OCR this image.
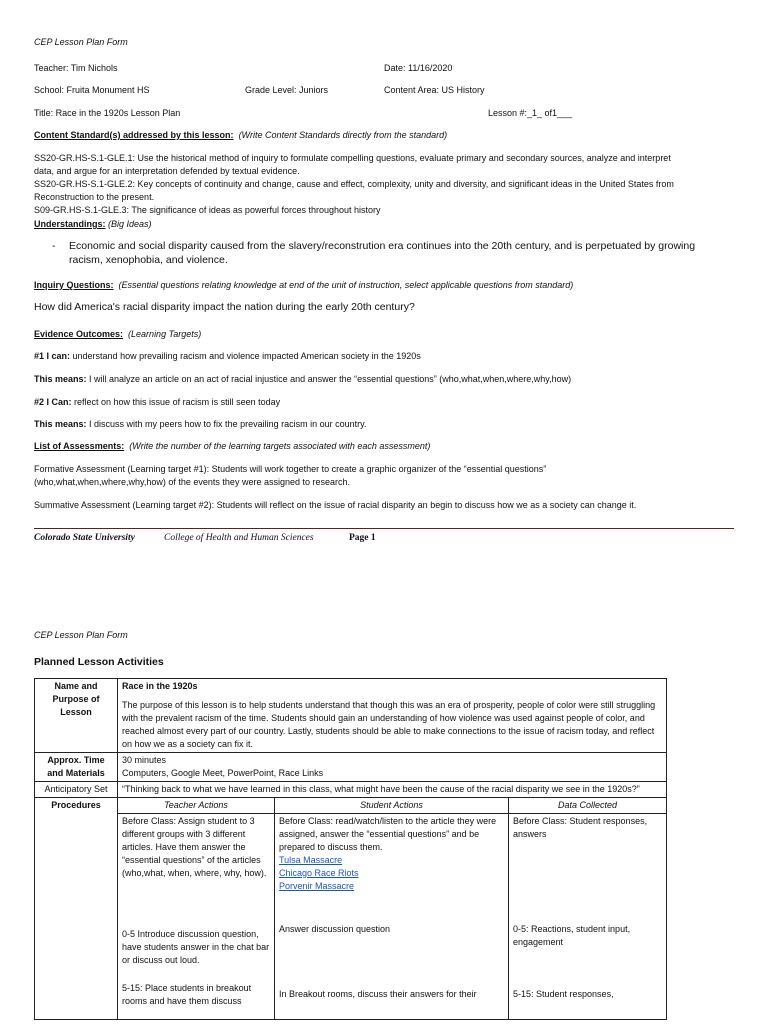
CEP Lesson Plan Form
Teacher: Tim Nichols	Date: 11/16/2020
School: Fruita Monument HS	Grade Level: Juniors	Content Area: US History
Title: Race in the 1920s Lesson Plan	Lesson #:_1_ of1___
Content Standard(s) addressed by this lesson: (Write Content Standards directly from the standard)
SS20-GR.HS-S.1-GLE.1: Use the historical method of inquiry to formulate compelling questions, evaluate primary and secondary sources, analyze and interpret
data, and argue for an interpretation defended by textual evidence.
SS20-GR.HS-S.1-GLE.2: Key concepts of continuity and change, cause and effect, complexity, unity and diversity, and significant ideas in the United States from
Reconstruction to the present.
S09-GR.HS-S.1-GLE.3: The significance of ideas as powerful forces throughout history
Understandings: (Big Ideas)
- Economic and social disparity caused from the slavery/reconstrution era continues into the 20th century, and is perpetuated by growing
racism, xenophobia, and violence.
Inquiry Questions: (Essential questions relating knowledge at end of the unit of instruction, select applicable questions from standard)
How did America's racial disparity impact the nation during the early 20th century?
Evidence Outcomes: (Learning Targets)
#1 I can: understand how prevailing racism and violence impacted American society in the 1920s
This means: I will analyze an article on an act of racial injustice and answer the “essential questions” (who,what,when,where,why,how)
#2 I Can: reflect on how this issue of racism is still seen today
This means: I discuss with my peers how to fix the prevailing racism in our country.
List of Assessments: (Write the number of the learning targets associated with each assessment)
Formative Assessment (Learning target #1): Students will work together to create a graphic organizer of the “essential questions”
(who,what,when,where,why,how) of the events they were assigned to research.
Summative Assessment (Learning target #2): Students will reflect on the issue of racial disparity an begin to discuss how we as a society can change it.
Colorado State University	College of Health and Human Sciences	Page 1
CEP Lesson Plan Form
Planned Lesson Activities
Name and Purpose of Lesson	Race in the 1920s
The purpose of this lesson is to help students understand that though this was an era of prosperity, people of color were still struggling with the prevalent racism of the time. Students should gain an understanding of how violence was used against people of color, and reached almost every part of our country. Lastly, students should be able to make connections to the issue of racism today, and reflect on how we as a society can fix it.		

Approx. Time and Materials	30 minutes
Computers, Google Meet, PowerPoint, Race Links		

Anticipatory Set	“Thinking back to what we have learned in this class, what might have been the cause of the racial disparity we see in the 1920s?”		
Procedures	Teacher Actions	Student Actions	Data Collected
	Before Class: Assign student to 3 different groups with 3 different articles. Have them answer the “essential questions” of the articles (who,what, when, where, why, how).	Before Class: read/watch/listen to the article they were assigned, answer the “essential questions” and be prepared to discuss them.
Tulsa Massacre
Chicago Race Riots
Porvenir Massacre	Before Class: Student responses, answers
	0-5 Introduce discussion question, have students answer in the chat bar or discuss out loud.	Answer discussion question	0-5: Reactions, student input, engagement
	5-15: Place students in breakout rooms and have them discuss	In Breakout rooms, discuss their answers for their	5-15: Student responses,
